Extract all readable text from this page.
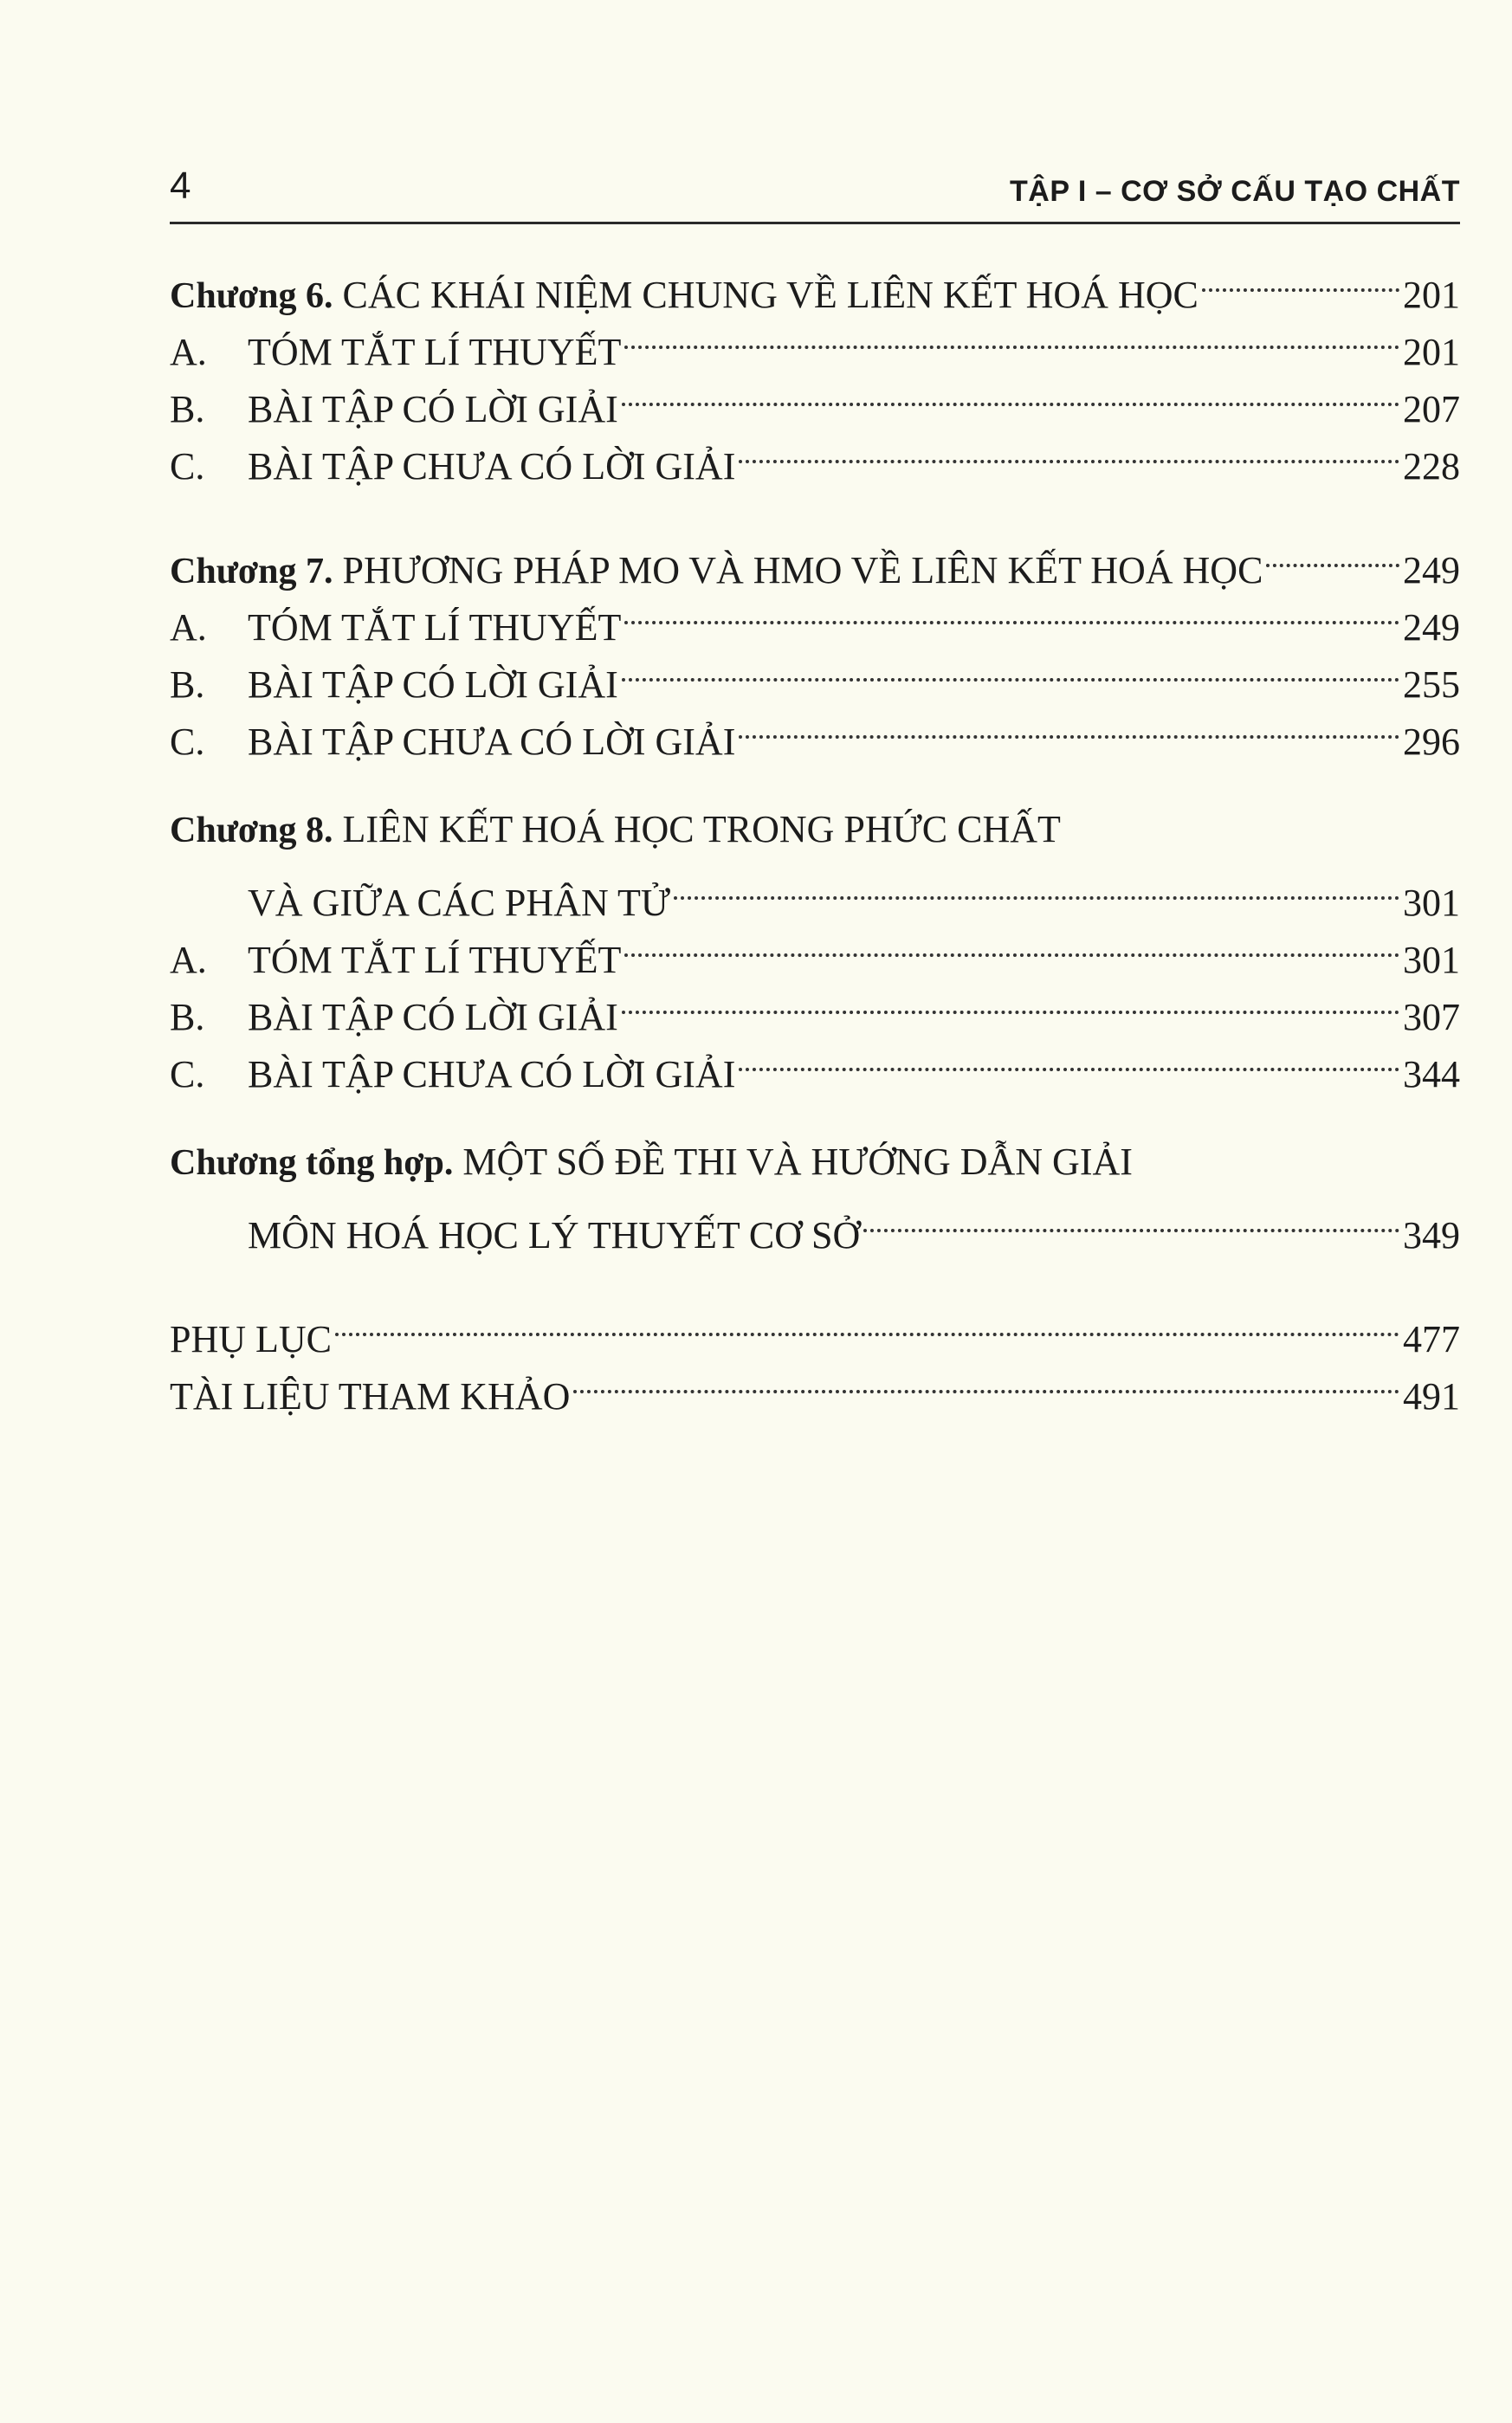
4	TẬP I – CƠ SỞ CẤU TẠO CHẤT
Chương 6. CÁC KHÁI NIỆM CHUNG VỀ LIÊN KẾT HOÁ HỌC	201
A.	TÓM TẮT LÍ THUYẾT	201
B.	BÀI TẬP CÓ LỜI GIẢI	207
C.	BÀI TẬP CHƯA CÓ LỜI GIẢI	228
Chương 7. PHƯƠNG PHÁP MO VÀ HMO VỀ LIÊN KẾT HOÁ HỌC	249
A.	TÓM TẮT LÍ THUYẾT	249
B.	BÀI TẬP CÓ LỜI GIẢI	255
C.	BÀI TẬP CHƯA CÓ LỜI GIẢI	296
Chương 8. LIÊN KẾT HOÁ HỌC TRONG PHỨC CHẤT
VÀ GIỮA CÁC PHÂN TỬ	301
A.	TÓM TẮT LÍ THUYẾT	301
B.	BÀI TẬP CÓ LỜI GIẢI	307
C.	BÀI TẬP CHƯA CÓ LỜI GIẢI	344
Chương tổng hợp. MỘT SỐ ĐỀ THI VÀ HƯỚNG DẪN GIẢI
MÔN HOÁ HỌC LÝ THUYẾT CƠ SỞ	349
PHỤ LỤC	477
TÀI LIỆU THAM KHẢO	491
